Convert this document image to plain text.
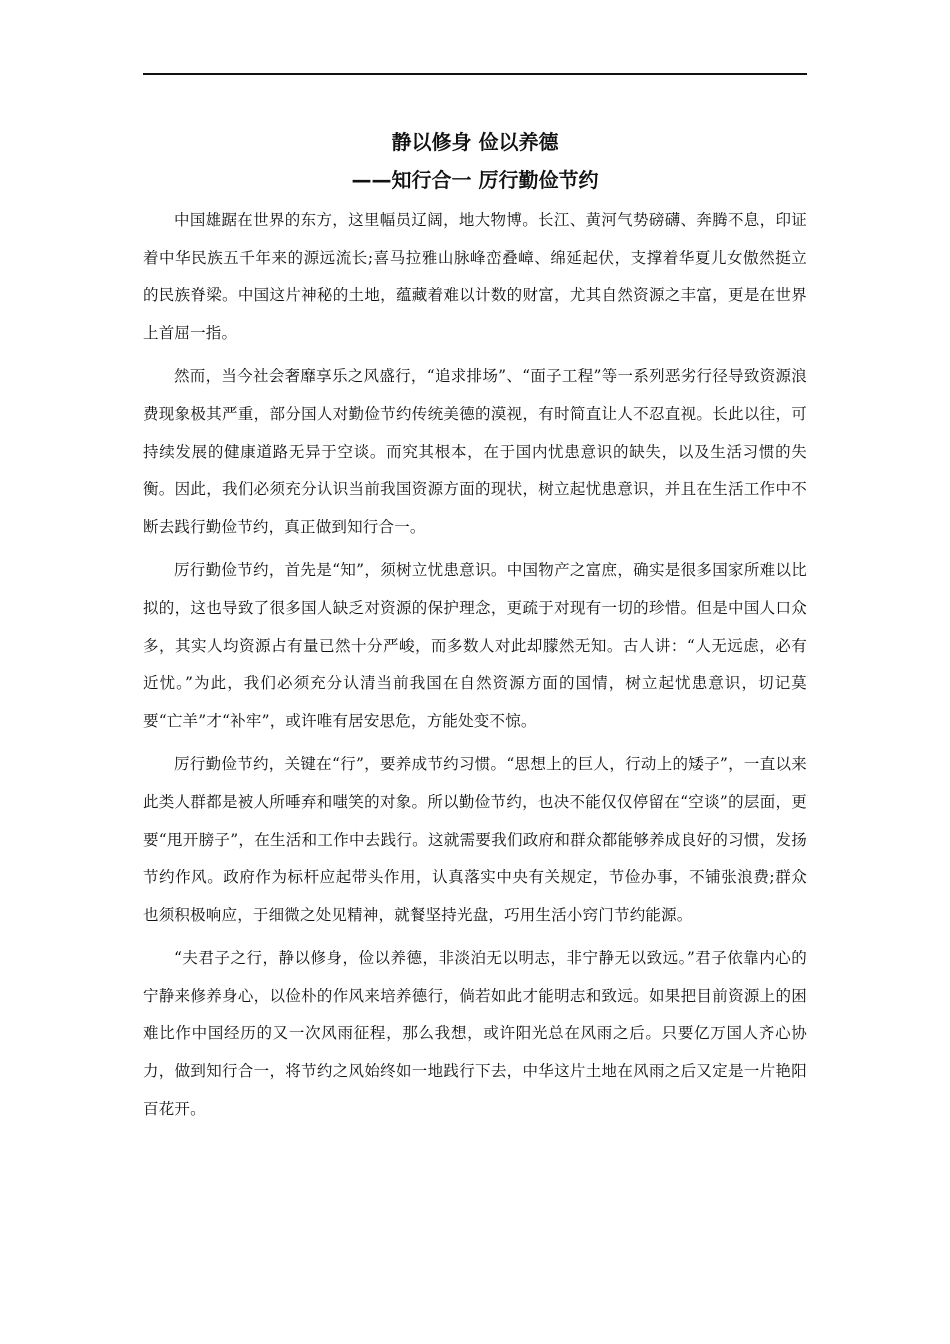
静以修身 俭以养德
——知行合一 厉行勤俭节约

中国雄踞在世界的东方，这里幅员辽阔，地大物博。长江、黄河气势磅礴、奔腾不息，印证着中华民族五千年来的源远流长;喜马拉雅山脉峰峦叠嶂、绵延起伏，支撑着华夏儿女傲然挺立的民族脊梁。中国这片神秘的土地，蕴藏着难以计数的财富，尤其自然资源之丰富，更是在世界上首屈一指。

然而，当今社会奢靡享乐之风盛行，“追求排场”、“面子工程”等一系列恶劣行径导致资源浪费现象极其严重，部分国人对勤俭节约传统美德的漠视，有时简直让人不忍直视。长此以往，可持续发展的健康道路无异于空谈。而究其根本，在于国内忧患意识的缺失，以及生活习惯的失衡。因此，我们必须充分认识当前我国资源方面的现状，树立起忧患意识，并且在生活工作中不断去践行勤俭节约，真正做到知行合一。

厉行勤俭节约，首先是“知”，须树立忧患意识。中国物产之富庶，确实是很多国家所难以比拟的，这也导致了很多国人缺乏对资源的保护理念，更疏于对现有一切的珍惜。但是中国人口众多，其实人均资源占有量已然十分严峻，而多数人对此却朦然无知。古人讲：“人无远虑，必有近忧。”为此，我们必须充分认清当前我国在自然资源方面的国情，树立起忧患意识，切记莫要“亡羊”才“补牢”，或许唯有居安思危，方能处变不惊。

厉行勤俭节约，关键在“行”，要养成节约习惯。“思想上的巨人，行动上的矮子”，一直以来此类人群都是被人所唾弃和嗤笑的对象。所以勤俭节约，也决不能仅仅停留在“空谈”的层面，更要“甩开膀子”，在生活和工作中去践行。这就需要我们政府和群众都能够养成良好的习惯，发扬节约作风。政府作为标杆应起带头作用，认真落实中央有关规定，节俭办事，不铺张浪费;群众也须积极响应，于细微之处见精神，就餐坚持光盘，巧用生活小窍门节约能源。

“夫君子之行，静以修身，俭以养德，非淡泊无以明志，非宁静无以致远。”君子依靠内心的宁静来修养身心，以俭朴的作风来培养德行，倘若如此才能明志和致远。如果把目前资源上的困难比作中国经历的又一次风雨征程，那么我想，或许阳光总在风雨之后。只要亿万国人齐心协力，做到知行合一，将节约之风始终如一地践行下去，中华这片土地在风雨之后又定是一片艳阳百花开。
